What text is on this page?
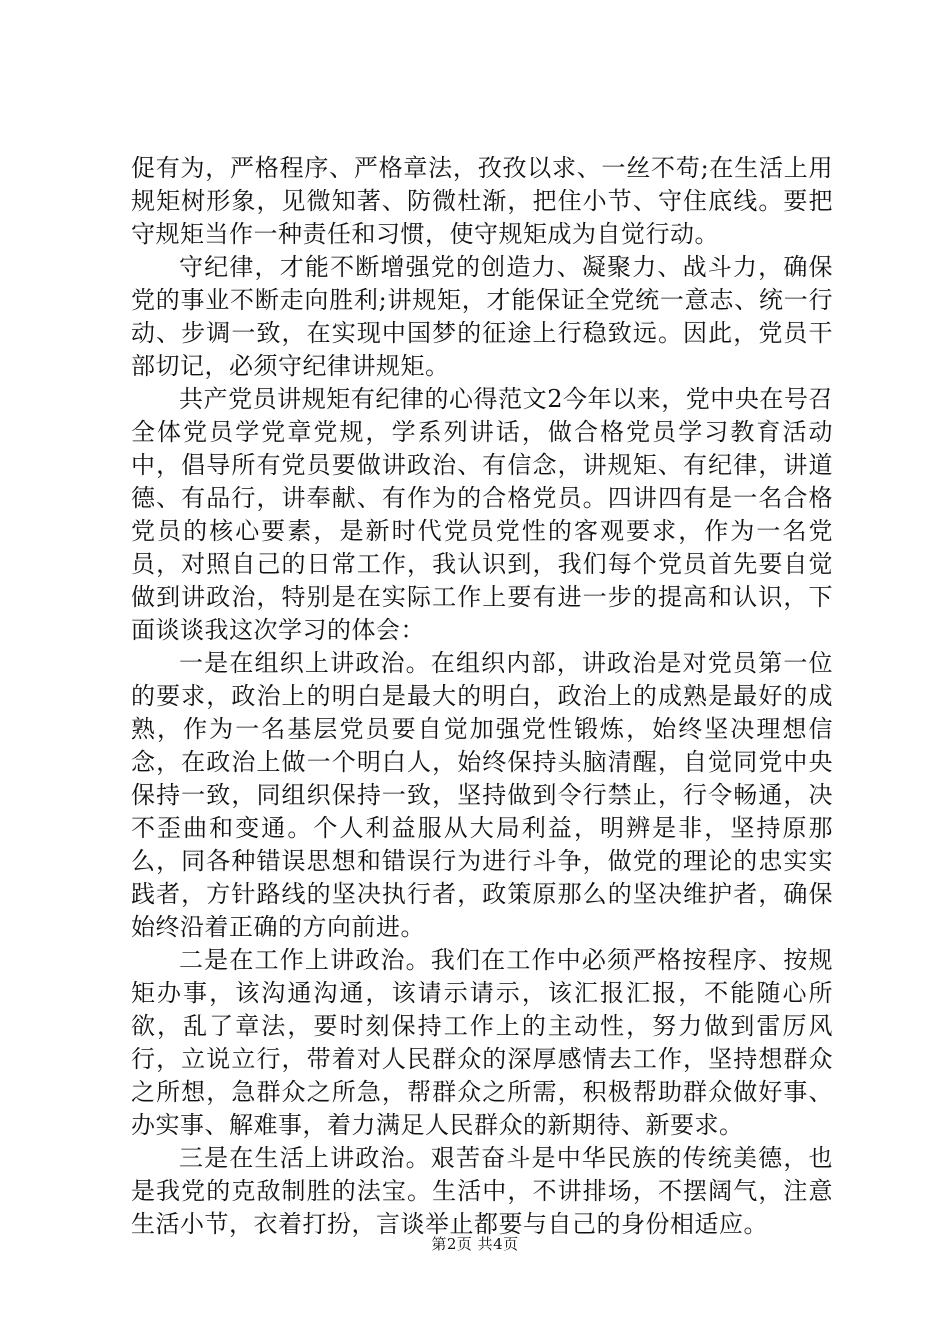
促有为，严格程序、严格章法，孜孜以求、一丝不苟;在生活上用规矩树形象，见微知著、防微杜渐，把住小节、守住底线。要把守规矩当作一种责任和习惯，使守规矩成为自觉行动。

守纪律，才能不断增强党的创造力、凝聚力、战斗力，确保党的事业不断走向胜利;讲规矩，才能保证全党统一意志、统一行动、步调一致，在实现中国梦的征途上行稳致远。因此，党员干部切记，必须守纪律讲规矩。

共产党员讲规矩有纪律的心得范文2今年以来，党中央在号召全体党员学党章党规，学系列讲话，做合格党员学习教育活动中，倡导所有党员要做讲政治、有信念，讲规矩、有纪律，讲道德、有品行，讲奉献、有作为的合格党员。四讲四有是一名合格党员的核心要素，是新时代党员党性的客观要求，作为一名党员，对照自己的日常工作，我认识到，我们每个党员首先要自觉做到讲政治，特别是在实际工作上要有进一步的提高和认识，下面谈谈我这次学习的体会：

一是在组织上讲政治。在组织内部，讲政治是对党员第一位的要求，政治上的明白是最大的明白，政治上的成熟是最好的成熟，作为一名基层党员要自觉加强党性锻炼，始终坚决理想信念，在政治上做一个明白人，始终保持头脑清醒，自觉同党中央保持一致，同组织保持一致，坚持做到令行禁止，行令畅通，决不歪曲和变通。个人利益服从大局利益，明辨是非，坚持原那么，同各种错误思想和错误行为进行斗争，做党的理论的忠实实践者，方针路线的坚决执行者，政策原那么的坚决维护者，确保始终沿着正确的方向前进。

二是在工作上讲政治。我们在工作中必须严格按程序、按规矩办事，该沟通沟通，该请示请示，该汇报汇报，不能随心所欲，乱了章法，要时刻保持工作上的主动性，努力做到雷厉风行，立说立行，带着对人民群众的深厚感情去工作，坚持想群众之所想，急群众之所急，帮群众之所需，积极帮助群众做好事、办实事、解难事，着力满足人民群众的新期待、新要求。

三是在生活上讲政治。艰苦奋斗是中华民族的传统美德，也是我党的克敌制胜的法宝。生活中，不讲排场，不摆阔气，注意生活小节，衣着打扮，言谈举止都要与自己的身份相适应。

第2页 共4页
